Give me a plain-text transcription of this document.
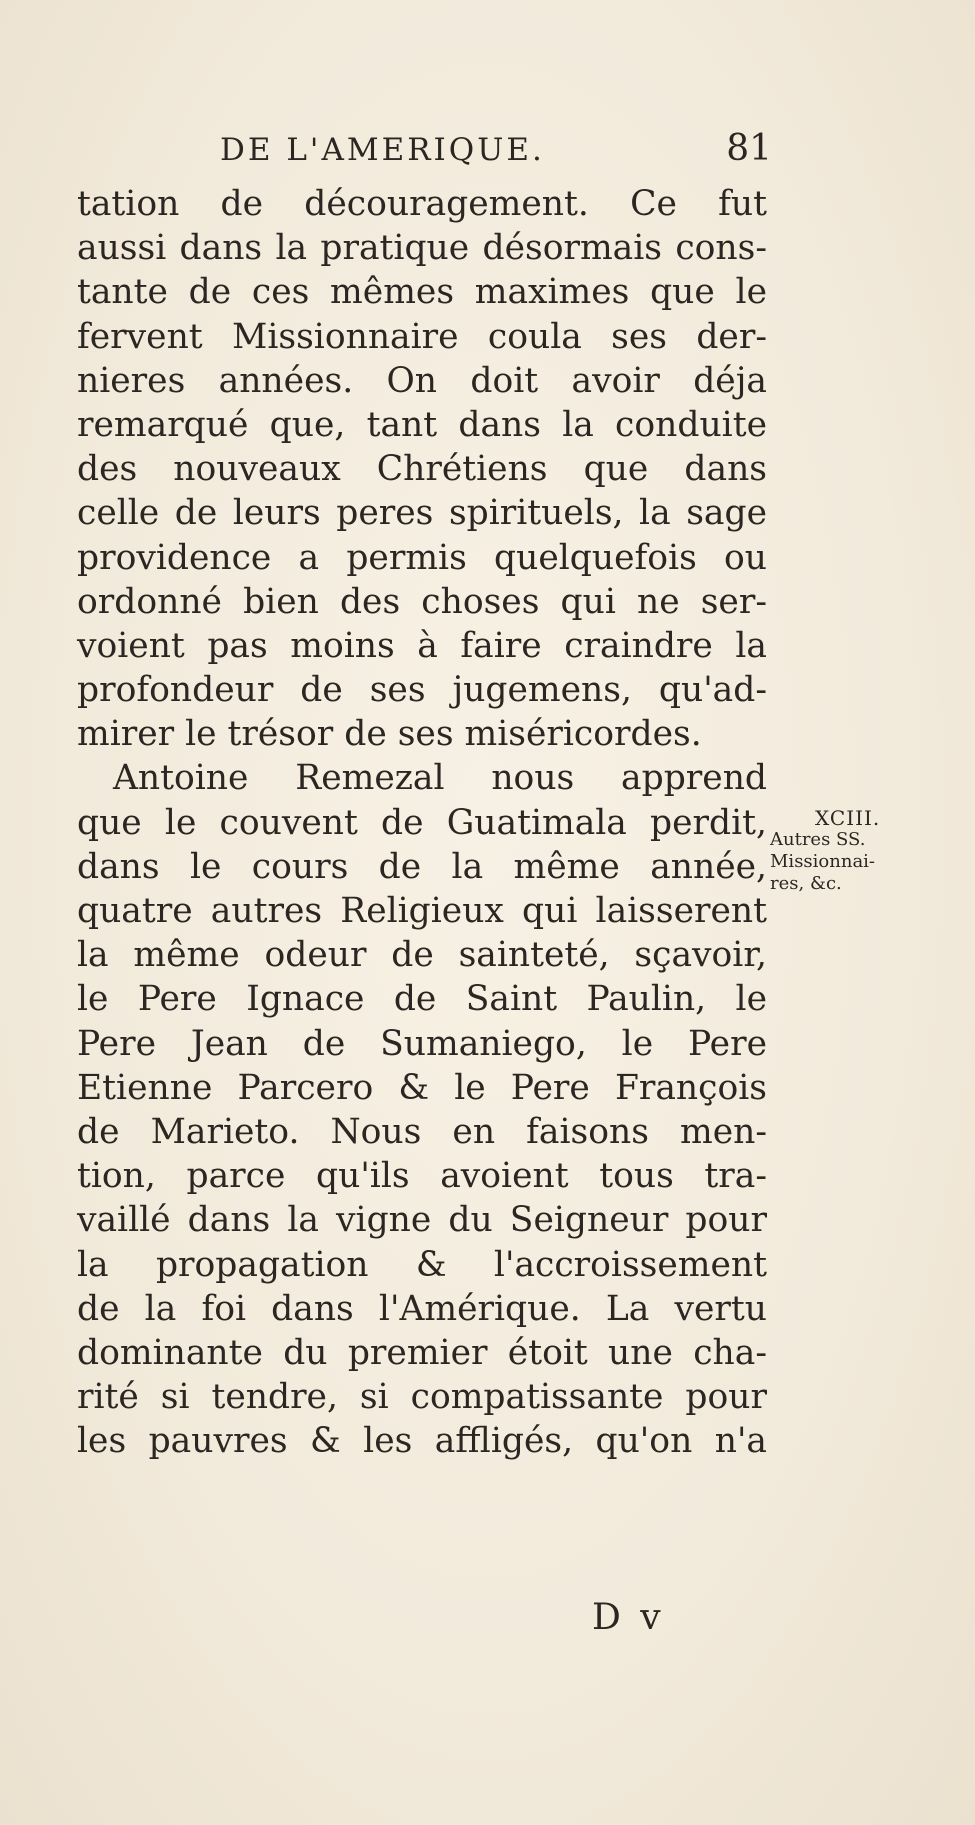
DE L'AMERIQUE.	81
tation de découragement. Ce fut
aussi dans la pratique désormais cons-
tante de ces mêmes maximes que le
fervent Missionnaire coula ses der-
nieres années. On doit avoir déja
remarqué que, tant dans la conduite
des nouveaux Chrétiens que dans
celle de leurs peres spirituels, la sage
providence a permis quelquefois ou
ordonné bien des choses qui ne ser-
voient pas moins à faire craindre la
profondeur de ses jugemens, qu'ad-
mirer le trésor de ses miséricordes.
Antoine Remezal nous apprend
que le couvent de Guatimala perdit,
dans le cours de la même année,
quatre autres Religieux qui laisserent
la même odeur de sainteté, sçavoir,
le Pere Ignace de Saint Paulin, le
Pere Jean de Sumaniego, le Pere
Etienne Parcero & le Pere François
de Marieto. Nous en faisons men-
tion, parce qu'ils avoient tous tra-
vaillé dans la vigne du Seigneur pour
la propagation & l'accroissement
de la foi dans l'Amérique. La vertu
dominante du premier étoit une cha-
rité si tendre, si compatissante pour
les pauvres & les affligés, qu'on n'a
XCIII.
Autres SS.
Missionnai-
res, &c.
D v
